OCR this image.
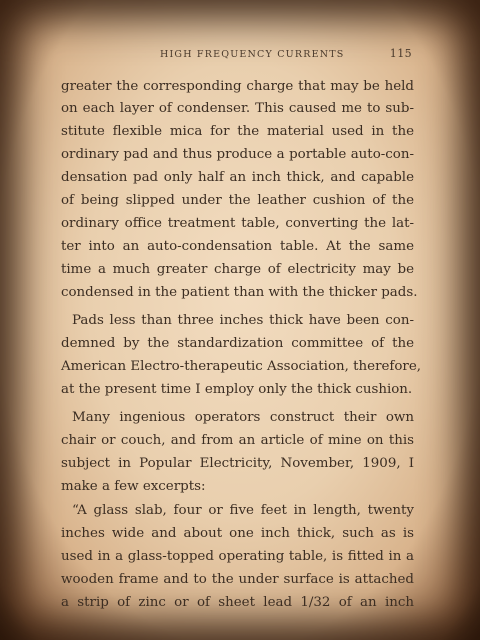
HIGH FREQUENCY CURRENTS	115
greater the corresponding charge that may be held
on each layer of condenser. This caused me to sub-
stitute flexible mica for the material used in the
ordinary pad and thus produce a portable auto-con-
densation pad only half an inch thick, and capable
of being slipped under the leather cushion of the
ordinary office treatment table, converting the lat-
ter into an auto-condensation table. At the same
time a much greater charge of electricity may be
condensed in the patient than with the thicker pads.
Pads less than three inches thick have been con-
demned by the standardization committee of the
American Electro-therapeutic Association, therefore,
at the present time I employ only the thick cushion.
Many ingenious operators construct their own
chair or couch, and from an article of mine on this
subject in Popular Electricity, November, 1909, I
make a few excerpts:
“A glass slab, four or five feet in length, twenty
inches wide and about one inch thick, such as is
used in a glass-topped operating table, is fitted in a
wooden frame and to the under surface is attached
a strip of zinc or of sheet lead 1/32 of an inch
